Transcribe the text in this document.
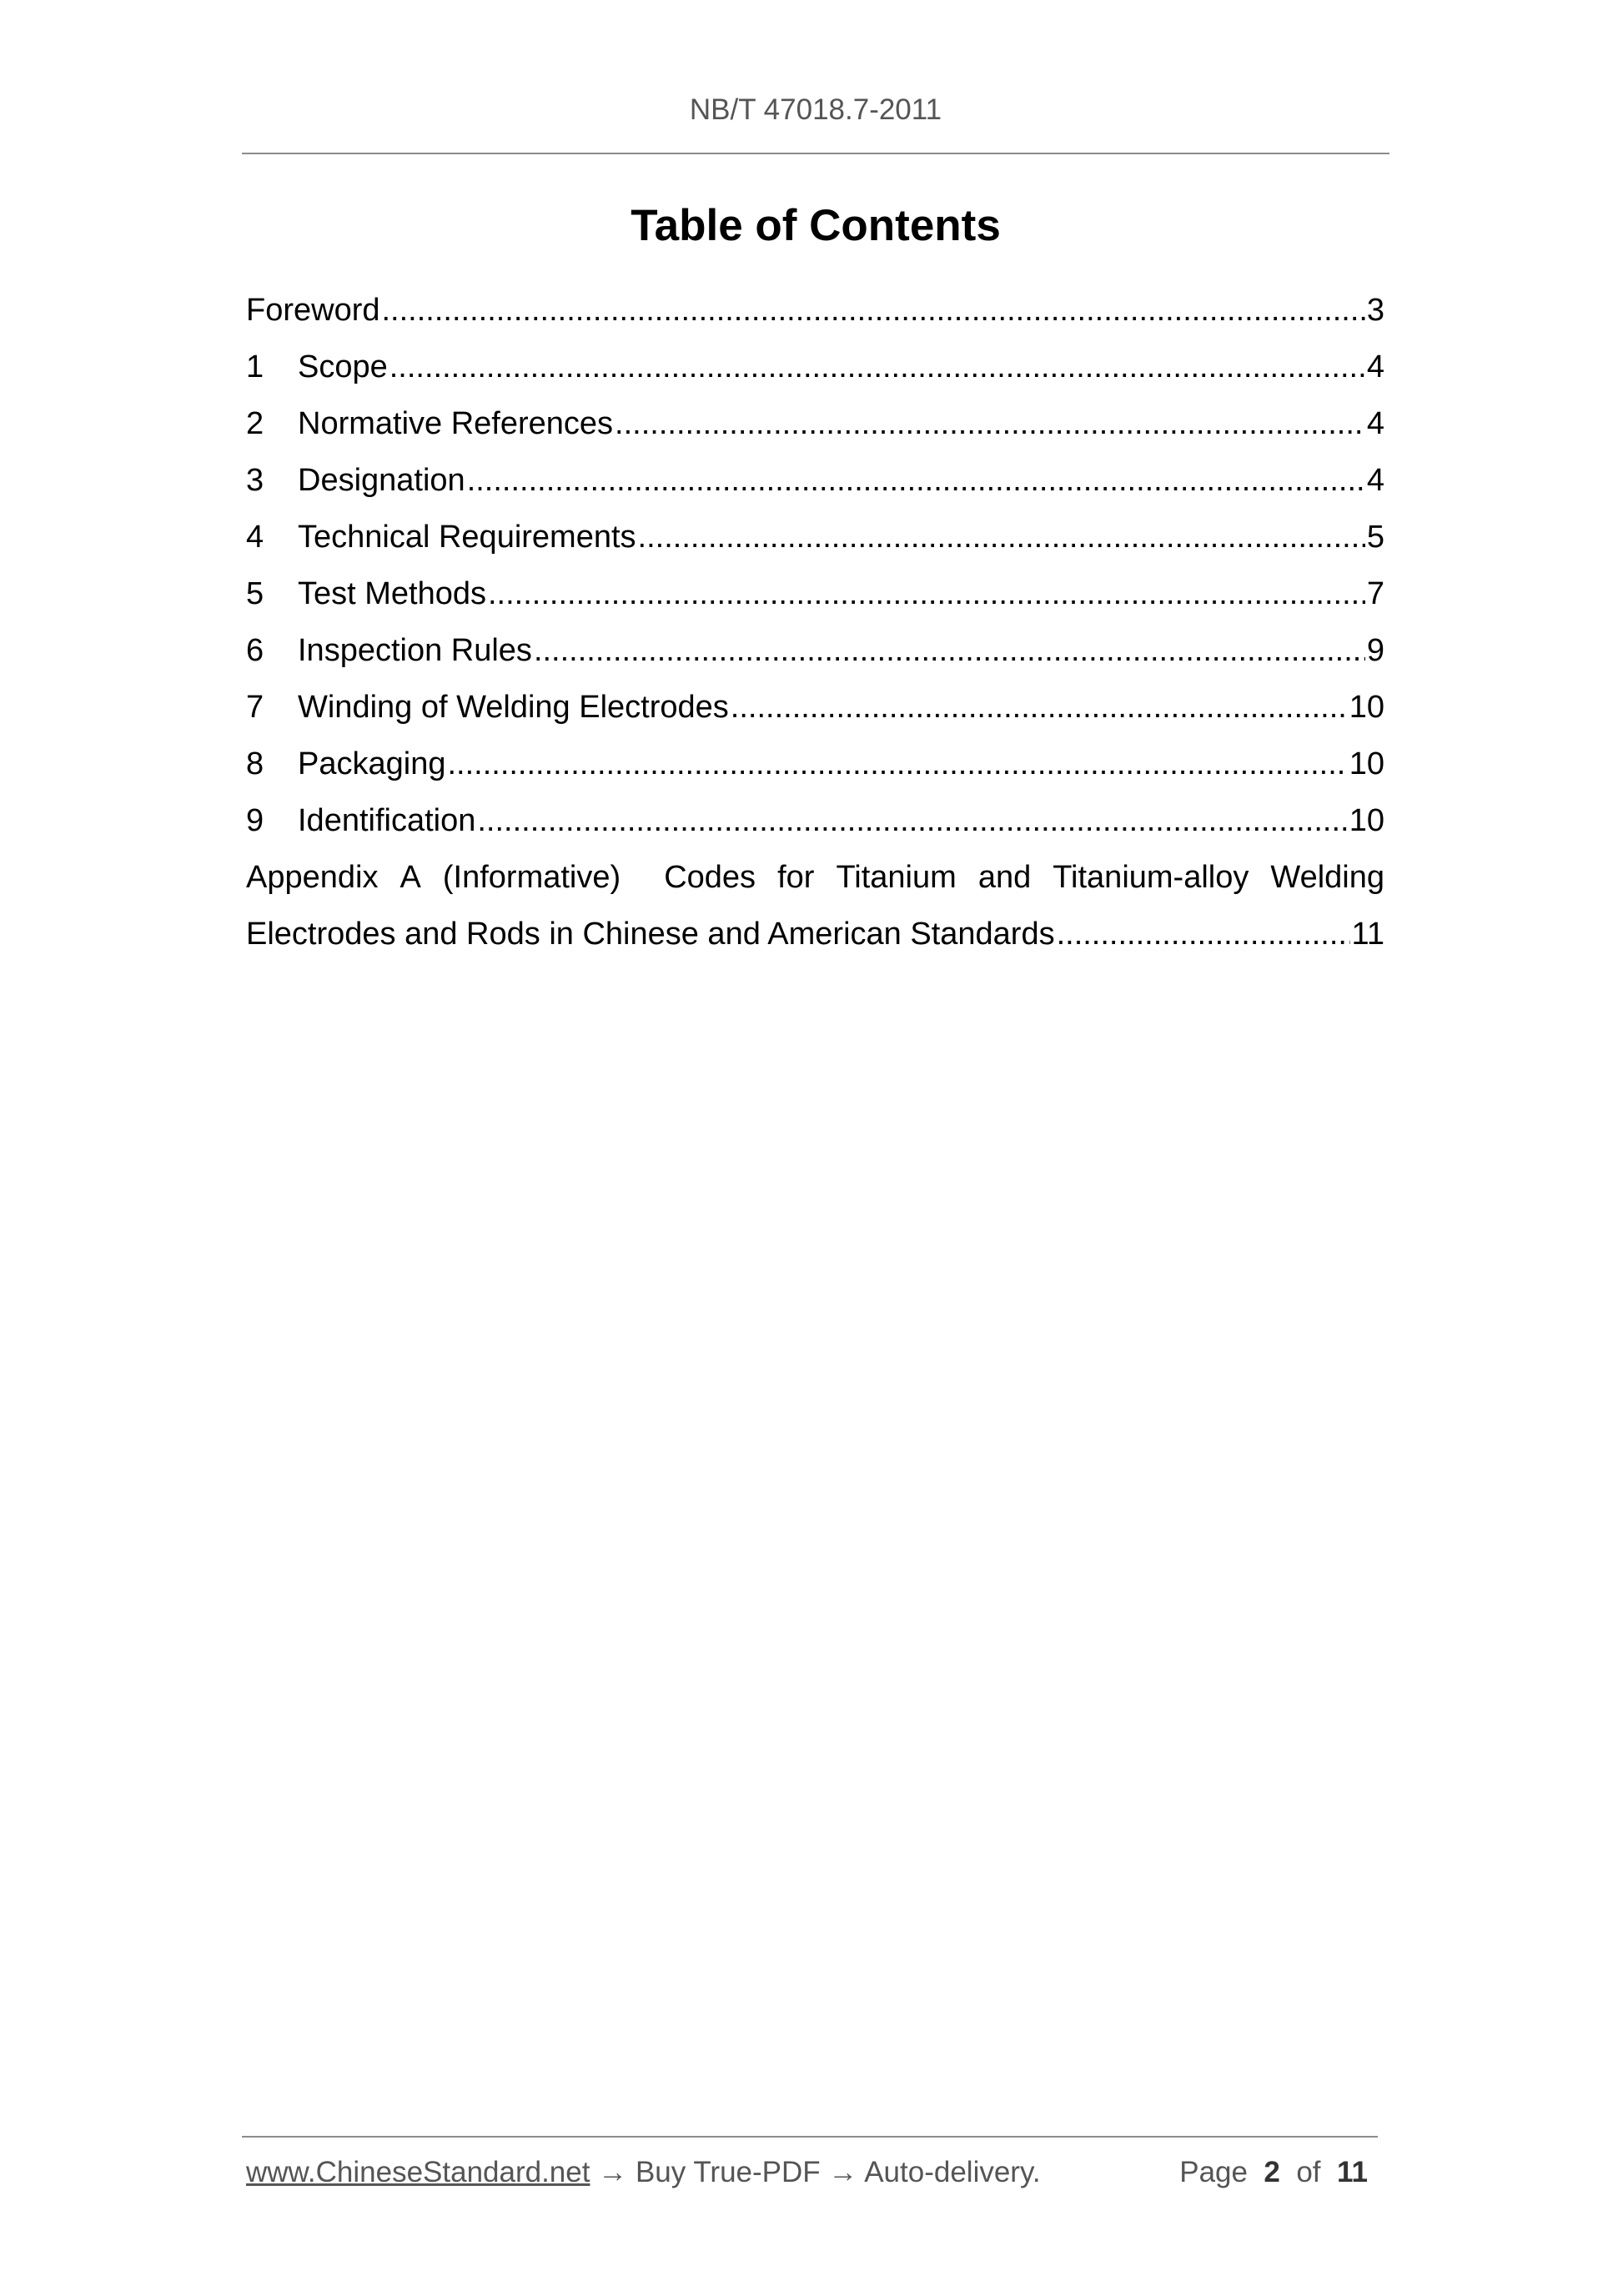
NB/T 47018.7-2011
Table of Contents
Foreword .....	3
1	Scope .....	4
2	Normative References .....	4
3	Designation .....	4
4	Technical Requirements .....	5
5	Test Methods .....	7
6	Inspection Rules .....	9
7	Winding of Welding Electrodes .....	10
8	Packaging .....	10
9	Identification .....	10
Appendix A (Informative) Codes for Titanium and Titanium-alloy Welding
Electrodes and Rods in Chinese and American Standards .....	11
www.ChineseStandard.net → Buy True-PDF → Auto-delivery.	Page 2 of 11
